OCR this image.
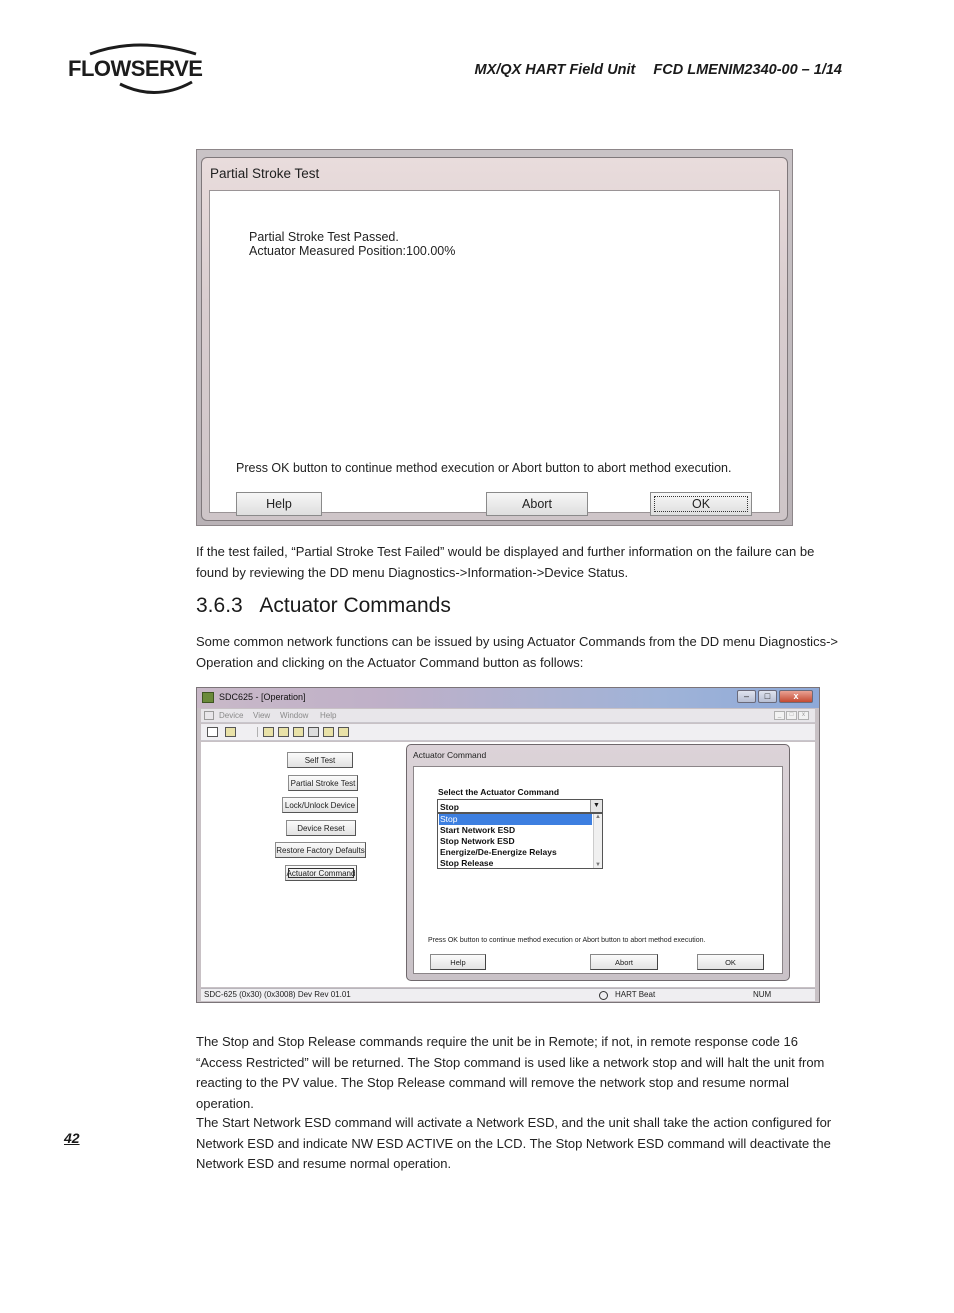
FLOWSERVE	MX/QX HART Field Unit FCD LMENIM2340-00 – 1/14
Partial Stroke Test
Partial Stroke Test Passed.
Actuator Measured Position:100.00%
Press OK button to continue method execution or Abort button to abort method execution.
Help	Abort	OK

If the test failed, “Partial Stroke Test Failed” would be displayed and further information on the failure can be found by reviewing the DD menu Diagnostics->Information->Device Status.

3.6.3 Actuator Commands

Some common network functions can be issued by using Actuator Commands from the DD menu Diagnostics-> Operation and clicking on the Actuator Command button as follows:

SDC625 - [Operation]	–	□	x
Device View Window Help	_	□	x
Self Test
Partial Stroke Test
Lock/Unlock Device
Device Reset
Restore Factory Defaults
Actuator Command
Actuator Command
Select the Actuator Command
Stop	▼
Stop
Start Network ESD
Stop Network ESD
Energize/De-Energize Relays
Stop Release
▲
▼
Press OK button to continue method execution or Abort button to abort method execution.
Help	Abort	OK
SDC-625 (0x30) (0x3008) Dev Rev 01.01	HART Beat	NUM

The Stop and Stop Release commands require the unit be in Remote; if not, in remote response code 16 “Access Restricted” will be returned. The Stop command is used like a network stop and will halt the unit from reacting to the PV value. The Stop Release command will remove the network stop and resume normal operation.

The Start Network ESD command will activate a Network ESD, and the unit shall take the action configured for Network ESD and indicate NW ESD ACTIVE on the LCD. The Stop Network ESD command will deactivate the Network ESD and resume normal operation.

42
